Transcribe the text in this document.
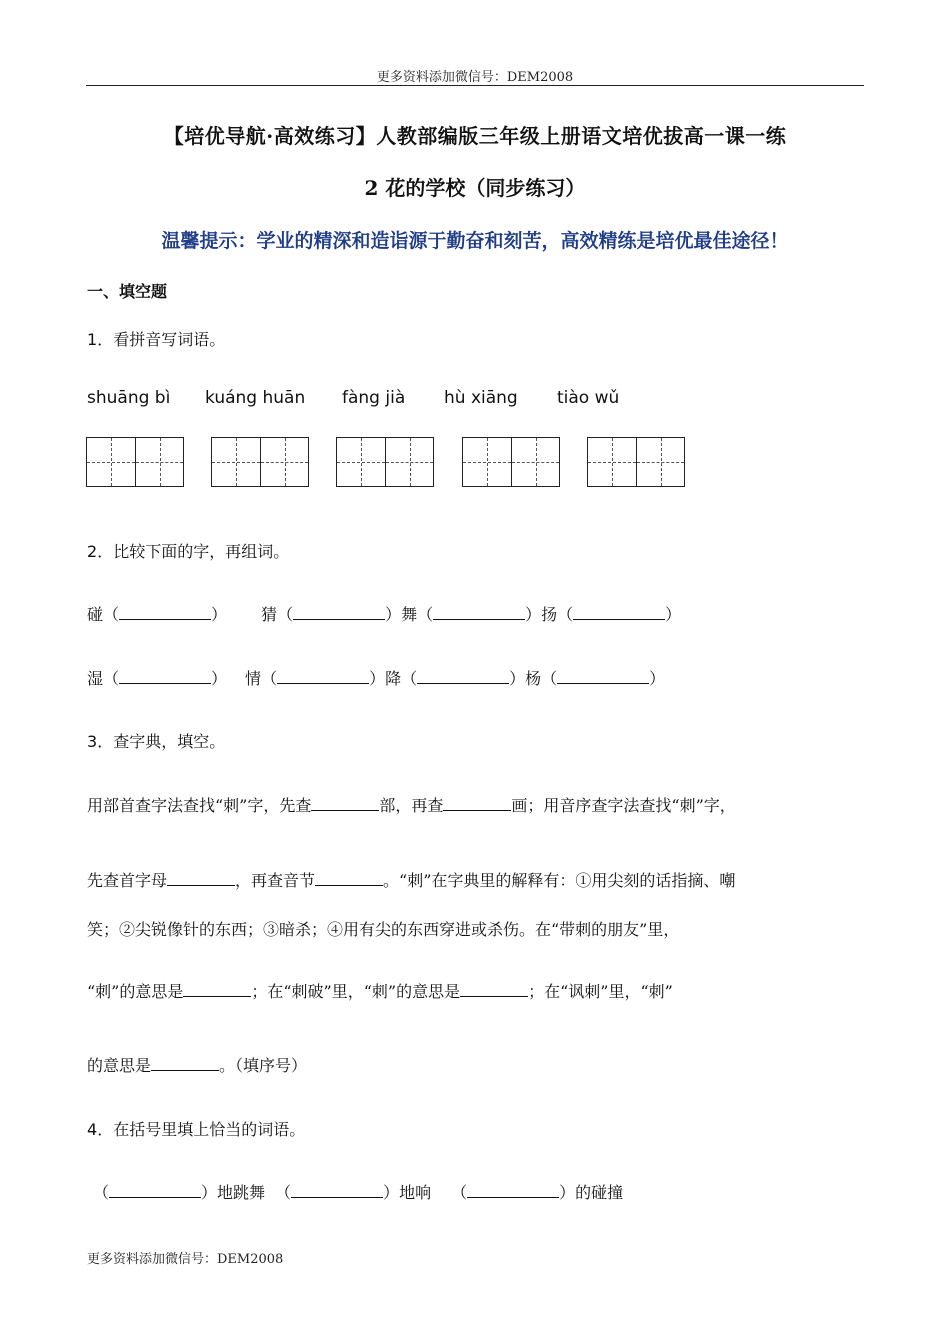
更多资料添加微信号：DEM2008
【培优导航·高效练习】人教部编版三年级上册语文培优拔高一课一练
2 花的学校（同步练习）
温馨提示：学业的精深和造诣源于勤奋和刻苦，高效精练是培优最佳途径！
一、填空题
1．看拼音写词语。
shuāng bì kuáng huān fàng jià hù xiāng tiào wǔ
2．比较下面的字，再组词。
碰（	） 猜（	）舞（	）扬（	）
湿（	） 情（	）降（	）杨（	）
3．查字典，填空。
用部首查字法查找“刺”字，先查	部，再查	画；用音序查字法查找“刺”字，
先查首字母	，再查音节	。“刺”在字典里的解释有：①用尖刻的话指摘、嘲
笑；②尖锐像针的东西；③暗杀；④用有尖的东西穿进或杀伤。在“带刺的朋友”里，
“刺”的意思是	；在“刺破”里，“刺”的意思是	；在“讽刺”里，“刺”
的意思是	。（填序号）
4．在括号里填上恰当的词语。
（	）地跳舞 （	）地响 （	）的碰撞
更多资料添加微信号：DEM2008
